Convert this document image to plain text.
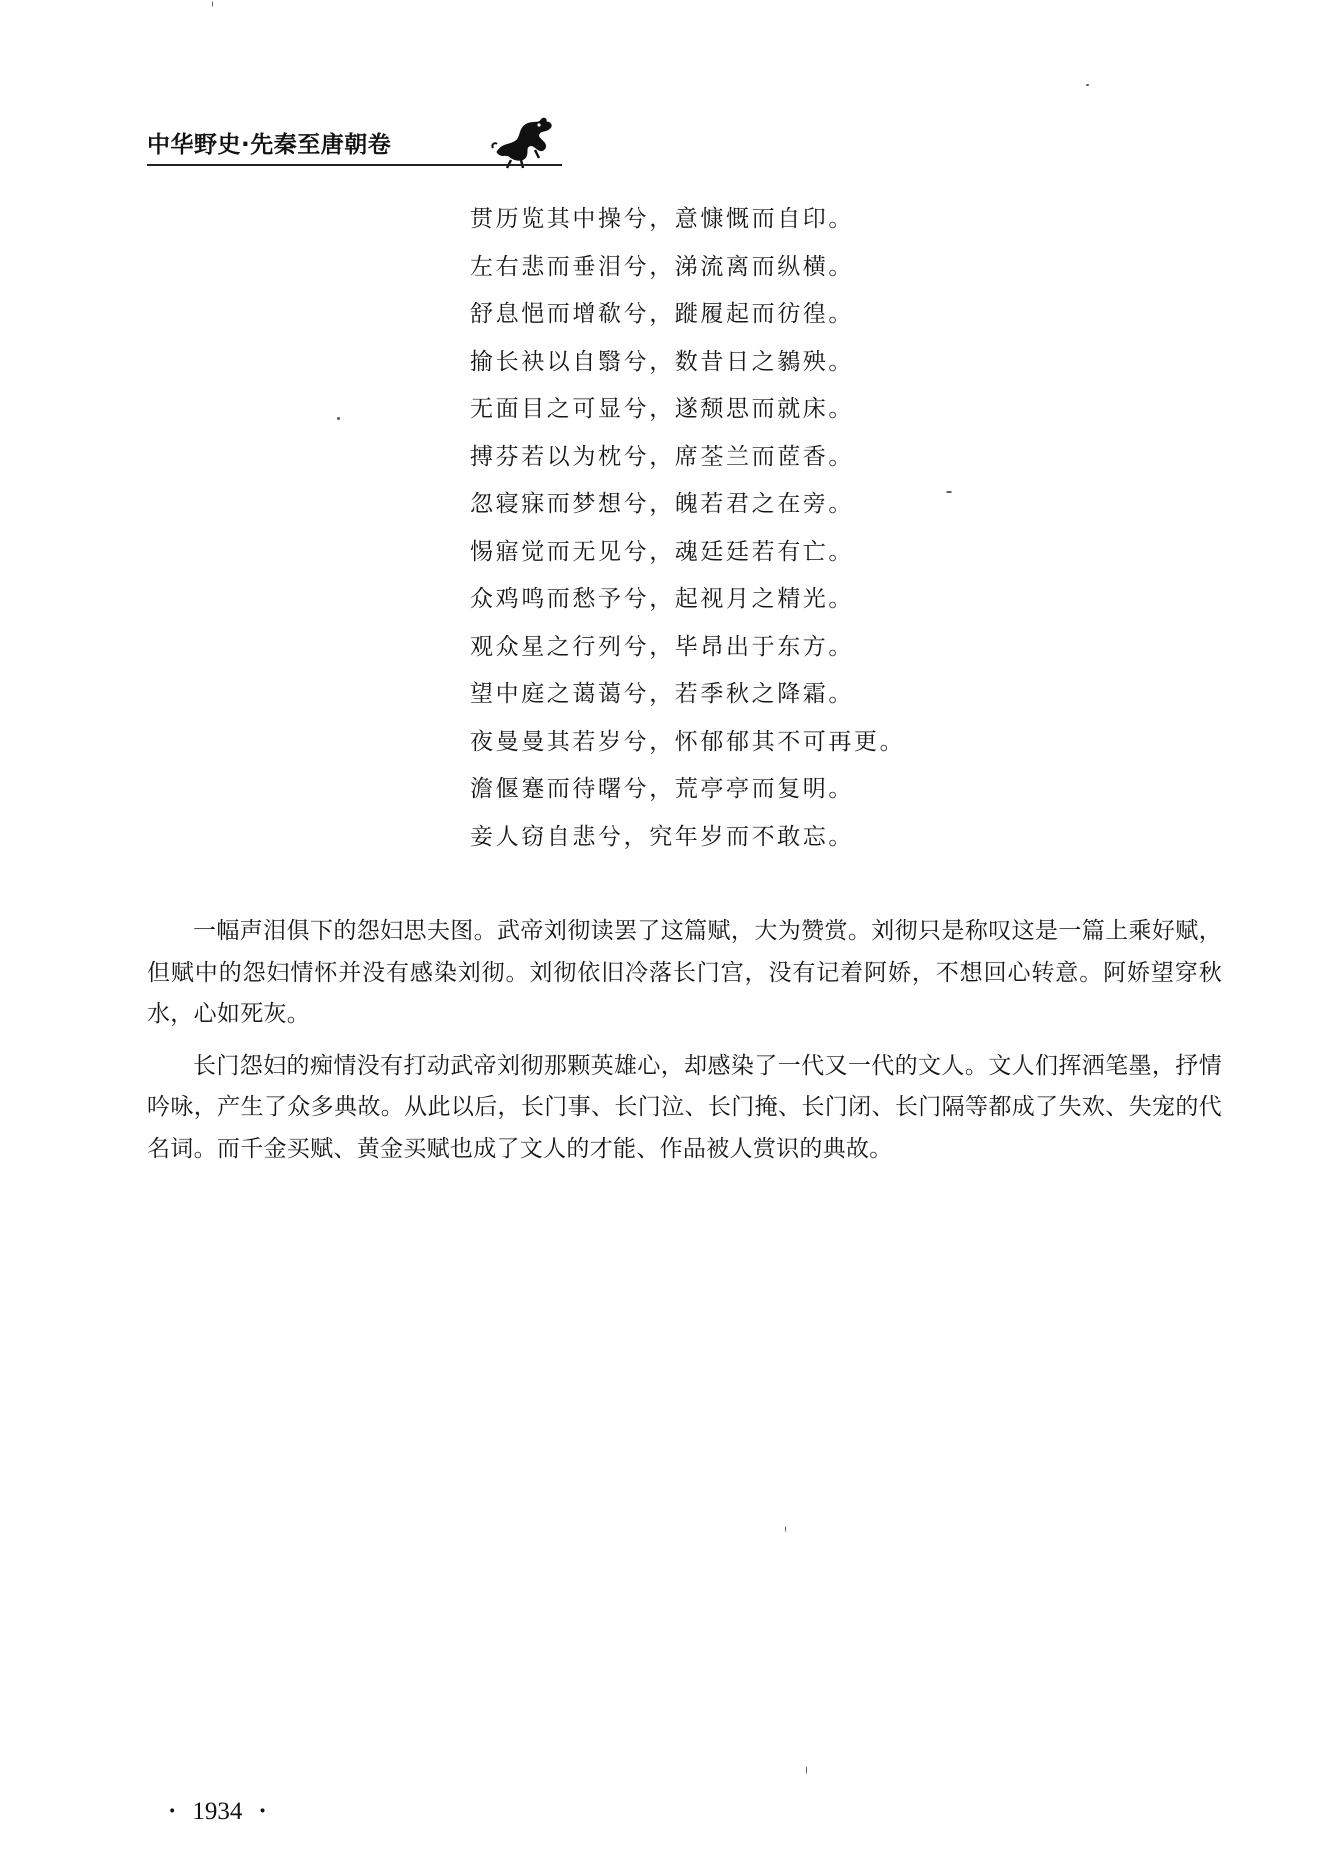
中华野史·先秦至唐朝卷
贯历览其中操兮，意慷慨而自印。
左右悲而垂泪兮，涕流离而纵横。
舒息悒而增欷兮，蹝履起而彷徨。
揄长袂以自翳兮，数昔日之鶨殃。
无面目之可显兮，遂颓思而就床。
搏芬若以为枕兮，席荃兰而茝香。
忽寝寐而梦想兮，魄若君之在旁。
惕寤觉而无见兮，魂廷廷若有亡。
众鸡鸣而愁予兮，起视月之精光。
观众星之行列兮，毕昂出于东方。
望中庭之蔼蔼兮，若季秋之降霜。
夜曼曼其若岁兮，怀郁郁其不可再更。
澹偃蹇而待曙兮，荒亭亭而复明。
妾人窃自悲兮，究年岁而不敢忘。

一幅声泪俱下的怨妇思夫图。武帝刘彻读罢了这篇赋，大为赞赏。刘彻只是称叹这是一篇上乘好赋，但赋中的怨妇情怀并没有感染刘彻。刘彻依旧冷落长门宫，没有记着阿娇，不想回心转意。阿娇望穿秋水，心如死灰。

长门怨妇的痴情没有打动武帝刘彻那颗英雄心，却感染了一代又一代的文人。文人们挥洒笔墨，抒情吟咏，产生了众多典故。从此以后，长门事、长门泣、长门掩、长门闭、长门隔等都成了失欢、失宠的代名词。而千金买赋、黄金买赋也成了文人的才能、作品被人赏识的典故。

· 1934 ·
